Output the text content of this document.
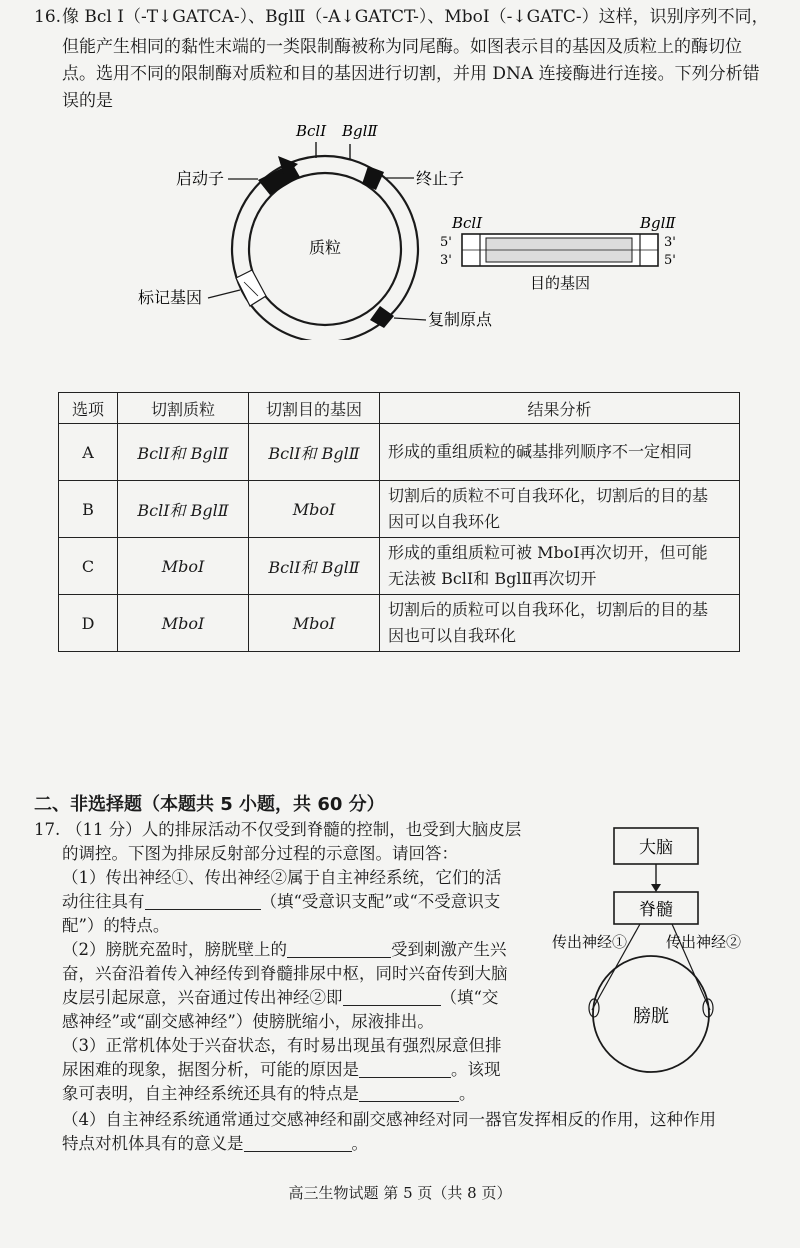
16. 像 Bcl Ⅰ（-T↓GATCA-）、BglⅡ（-A↓GATCT-）、MboⅠ（-↓GATC-）这样，识别序列不同，
但能产生相同的黏性末端的一类限制酶被称为同尾酶。如图表示目的基因及质粒上的酶切位
点。选用不同的限制酶对质粒和目的基因进行切割，并用 DNA 连接酶进行连接。下列分析错
误的是
BclⅠ BglⅡ
质粒
启动子	终止子
标记基因
复制原点
BclⅠ	BglⅡ
5'
3'
3'
5'
目的基因
选项	切割质粒	切割目的基因	结果分析
A	BclⅠ和 BglⅡ	BclⅠ和 BglⅡ	形成的重组质粒的碱基排列顺序不一定相同
B	BclⅠ和 BglⅡ	MboⅠ	切割后的质粒不可自我环化，切割后的目的基
因可以自我环化
C	MboⅠ	BclⅠ和 BglⅡ	形成的重组质粒可被 MboⅠ再次切开，但可能
无法被 BclⅠ和 BglⅡ再次切开
D	MboⅠ	MboⅠ	切割后的质粒可以自我环化，切割后的目的基
因也可以自我环化
二、非选择题（本题共 5 小题，共 60 分）
17. （11 分）人的排尿活动不仅受到脊髓的控制，也受到大脑皮层
的调控。下图为排尿反射部分过程的示意图。请回答：
（1）传出神经①、传出神经②属于自主神经系统，它们的活
动往往具有	（填“受意识支配”或“不受意识支
配”）的特点。
（2）膀胱充盈时，膀胱壁上的	受到刺激产生兴
奋，兴奋沿着传入神经传到脊髓排尿中枢，同时兴奋传到大脑
皮层引起尿意，兴奋通过传出神经②即	（填“交
感神经”或“副交感神经”）使膀胱缩小，尿液排出。
（3）正常机体处于兴奋状态，有时易出现虽有强烈尿意但排
尿困难的现象，据图分析，可能的原因是	。该现
象可表明，自主神经系统还具有的特点是	。
（4）自主神经系统通常通过交感神经和副交感神经对同一器官发挥相反的作用，这种作用
特点对机体具有的意义是	。
大脑
脊髓
传出神经①	传出神经②
膀胱
高三生物试题 第 5 页（共 8 页）
